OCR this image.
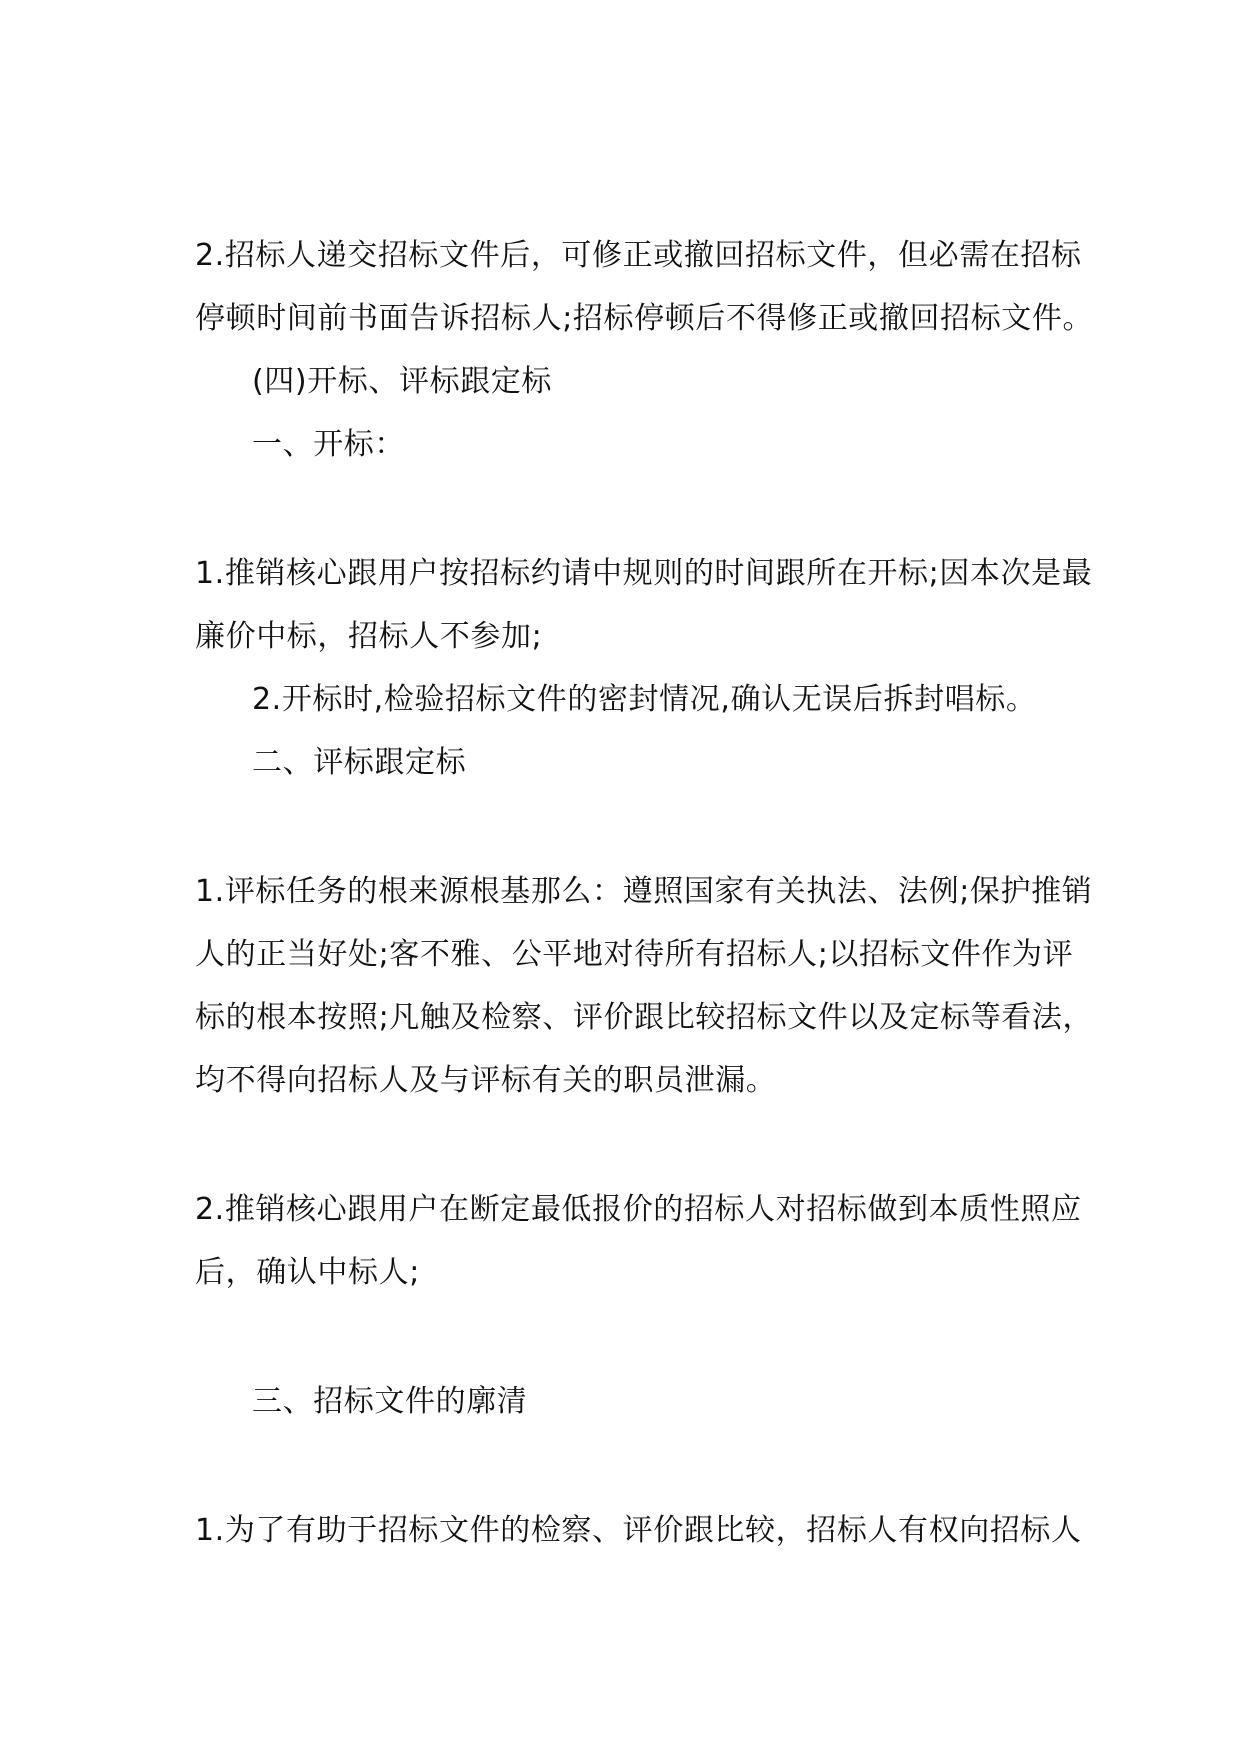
2.招标人递交招标文件后，可修正或撤回招标文件，但必需在招标
停顿时间前书面告诉招标人;招标停顿后不得修正或撤回招标文件。
(四)开标、评标跟定标
一、开标：
1.推销核心跟用户按招标约请中规则的时间跟所在开标;因本次是最
廉价中标，招标人不参加;
2.开标时,检验招标文件的密封情况,确认无误后拆封唱标。
二、评标跟定标
1.评标任务的根来源根基那么：遵照国家有关执法、法例;保护推销
人的正当好处;客不雅、公平地对待所有招标人;以招标文件作为评
标的根本按照;凡触及检察、评价跟比较招标文件以及定标等看法，
均不得向招标人及与评标有关的职员泄漏。
2.推销核心跟用户在断定最低报价的招标人对招标做到本质性照应
后，确认中标人;
三、招标文件的廓清
1.为了有助于招标文件的检察、评价跟比较，招标人有权向招标人
